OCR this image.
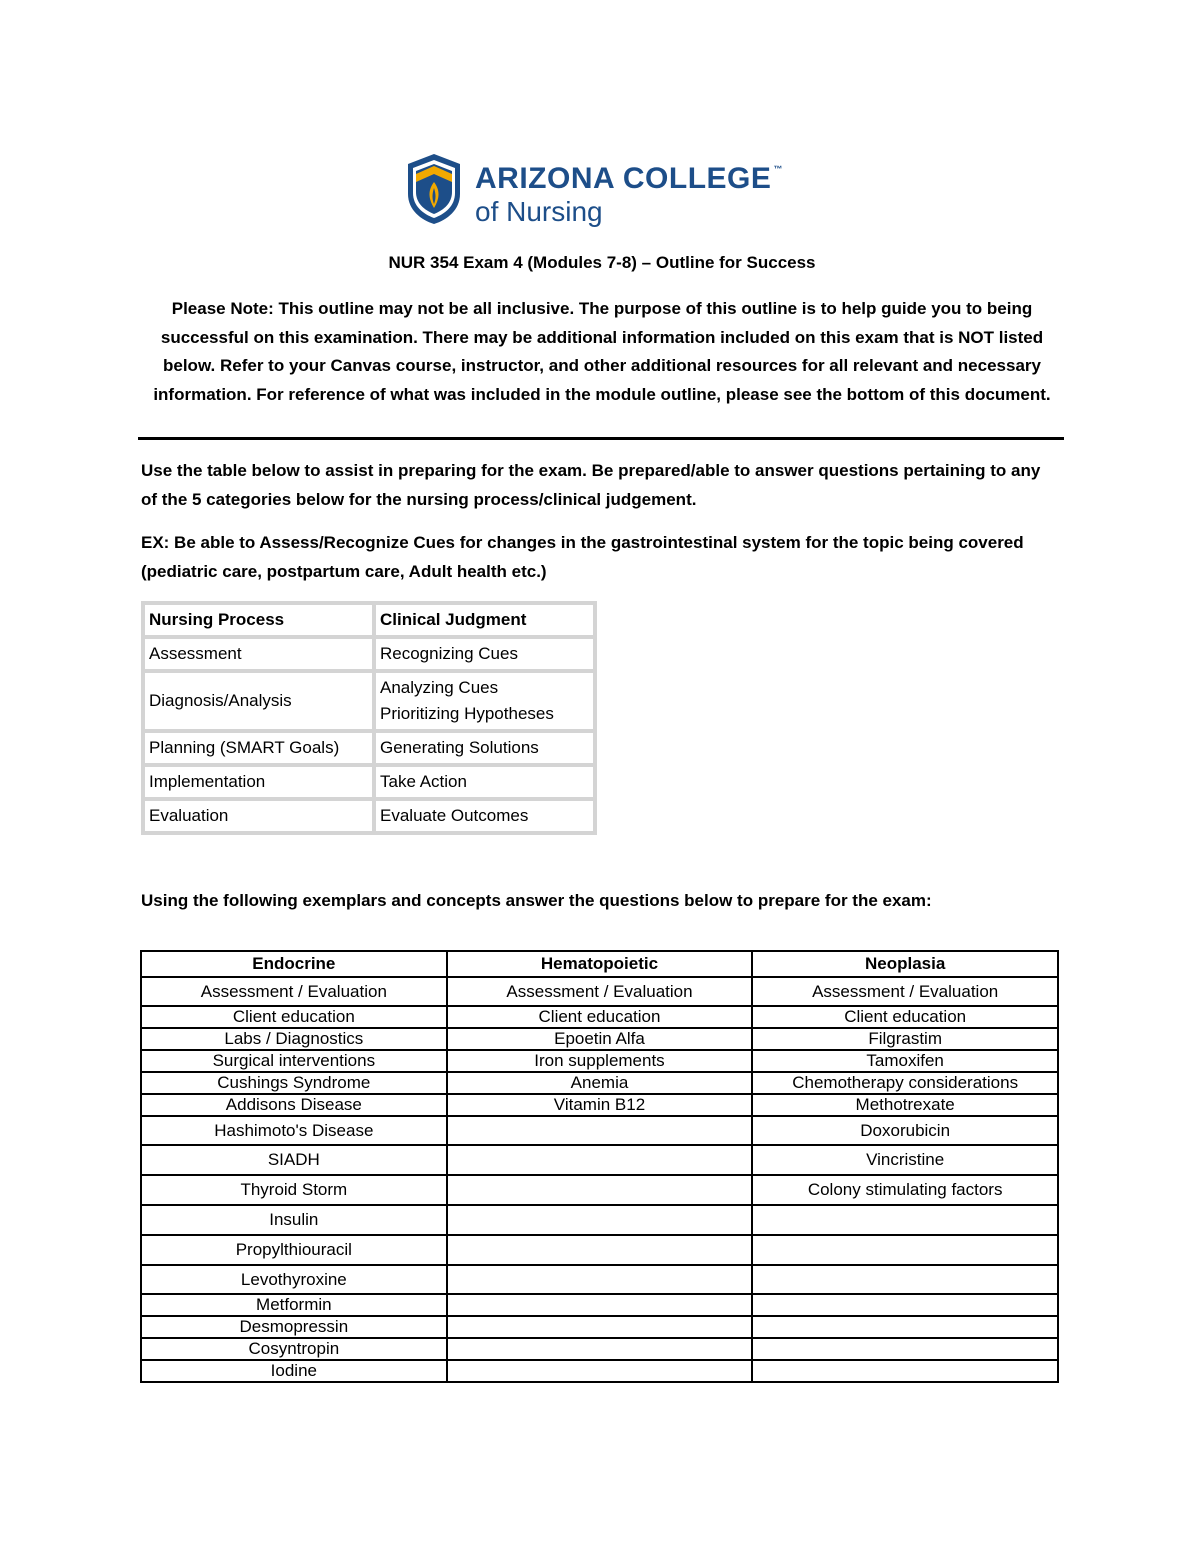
ARIZONA COLLEGE ™
of Nursing
NUR 354 Exam 4 (Modules 7-8) – Outline for Success
Please Note: This outline may not be all inclusive. The purpose of this outline is to help guide you to being successful on this examination. There may be additional information included on this exam that is NOT listed below. Refer to your Canvas course, instructor, and other additional resources for all relevant and necessary information. For reference of what was included in the module outline, please see the bottom of this document.
Use the table below to assist in preparing for the exam. Be prepared/able to answer questions pertaining to any of the 5 categories below for the nursing process/clinical judgement.
EX: Be able to Assess/Recognize Cues for changes in the gastrointestinal system for the topic being covered (pediatric care, postpartum care, Adult health etc.)
Nursing Process	Clinical Judgment
Assessment	Recognizing Cues
Diagnosis/Analysis	Analyzing Cues
Prioritizing Hypotheses

Planning (SMART Goals)	Generating Solutions
Implementation	Take Action
Evaluation	Evaluate Outcomes
Using the following exemplars and concepts answer the questions below to prepare for the exam:
Endocrine	Hematopoietic	Neoplasia
Assessment / Evaluation	Assessment / Evaluation	Assessment / Evaluation
Client education	Client education	Client education
Labs / Diagnostics	Epoetin Alfa	Filgrastim
Surgical interventions	Iron supplements	Tamoxifen
Cushings Syndrome	Anemia	Chemotherapy considerations
Addisons Disease	Vitamin B12	Methotrexate
Hashimoto's Disease		Doxorubicin
SIADH		Vincristine
Thyroid Storm		Colony stimulating factors
Insulin		
Propylthiouracil		
Levothyroxine		
Metformin		
Desmopressin		
Cosyntropin		
Iodine		
